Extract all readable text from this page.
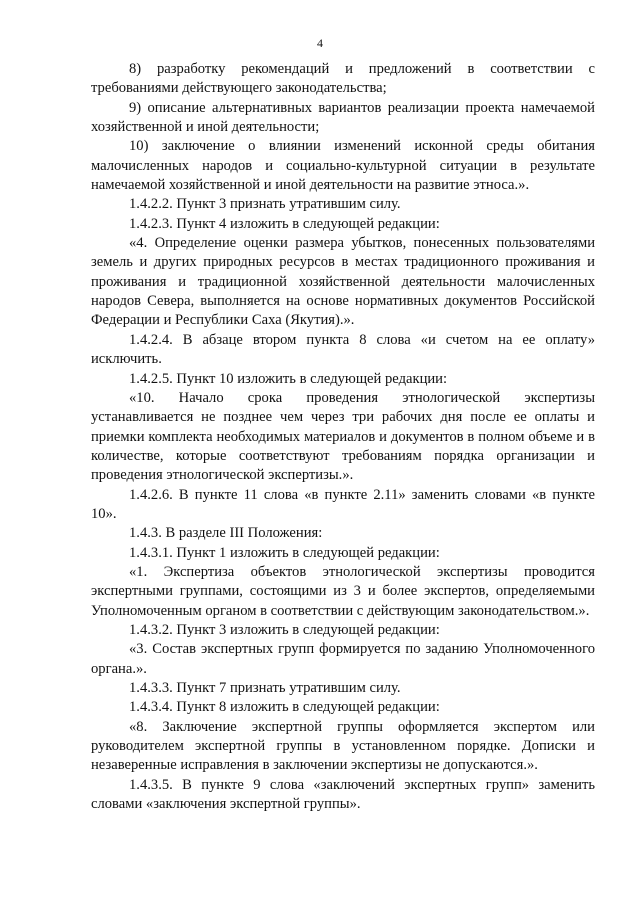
4

8) разработку рекомендаций и предложений в соответствии с требованиями действующего законодательства;

9) описание альтернативных вариантов реализации проекта намечаемой хозяйственной и иной деятельности;

10) заключение о влиянии изменений исконной среды обитания малочисленных народов и социально-культурной ситуации в результате намечаемой хозяйственной и иной деятельности на развитие этноса.».

1.4.2.2. Пункт 3 признать утратившим силу.

1.4.2.3. Пункт 4 изложить в следующей редакции:

«4. Определение оценки размера убытков, понесенных пользователями земель и других природных ресурсов в местах традиционного проживания и проживания и традиционной хозяйственной деятельности малочисленных народов Севера, выполняется на основе нормативных документов Российской Федерации и Республики Саха (Якутия).».

1.4.2.4. В абзаце втором пункта 8 слова «и счетом на ее оплату» исключить.

1.4.2.5. Пункт 10 изложить в следующей редакции:

«10. Начало срока проведения этнологической экспертизы устанавливается не позднее чем через три рабочих дня после ее оплаты и приемки комплекта необходимых материалов и документов в полном объеме и в количестве, которые соответствуют требованиям порядка организации и проведения этнологической экспертизы.».

1.4.2.6. В пункте 11 слова «в пункте 2.11» заменить словами «в пункте 10».

1.4.3. В разделе III Положения:

1.4.3.1. Пункт 1 изложить в следующей редакции:

«1. Экспертиза объектов этнологической экспертизы проводится экспертными группами, состоящими из 3 и более экспертов, определяемыми Уполномоченным органом в соответствии с действующим законодательством.».

1.4.3.2. Пункт 3 изложить в следующей редакции:

«3. Состав экспертных групп формируется по заданию Уполномоченного органа.».

1.4.3.3. Пункт 7 признать утратившим силу.

1.4.3.4. Пункт 8 изложить в следующей редакции:

«8. Заключение экспертной группы оформляется экспертом или руководителем экспертной группы в установленном порядке. Дописки и незаверенные исправления в заключении экспертизы не допускаются.».

1.4.3.5. В пункте 9 слова «заключений экспертных групп» заменить словами «заключения экспертной группы».
